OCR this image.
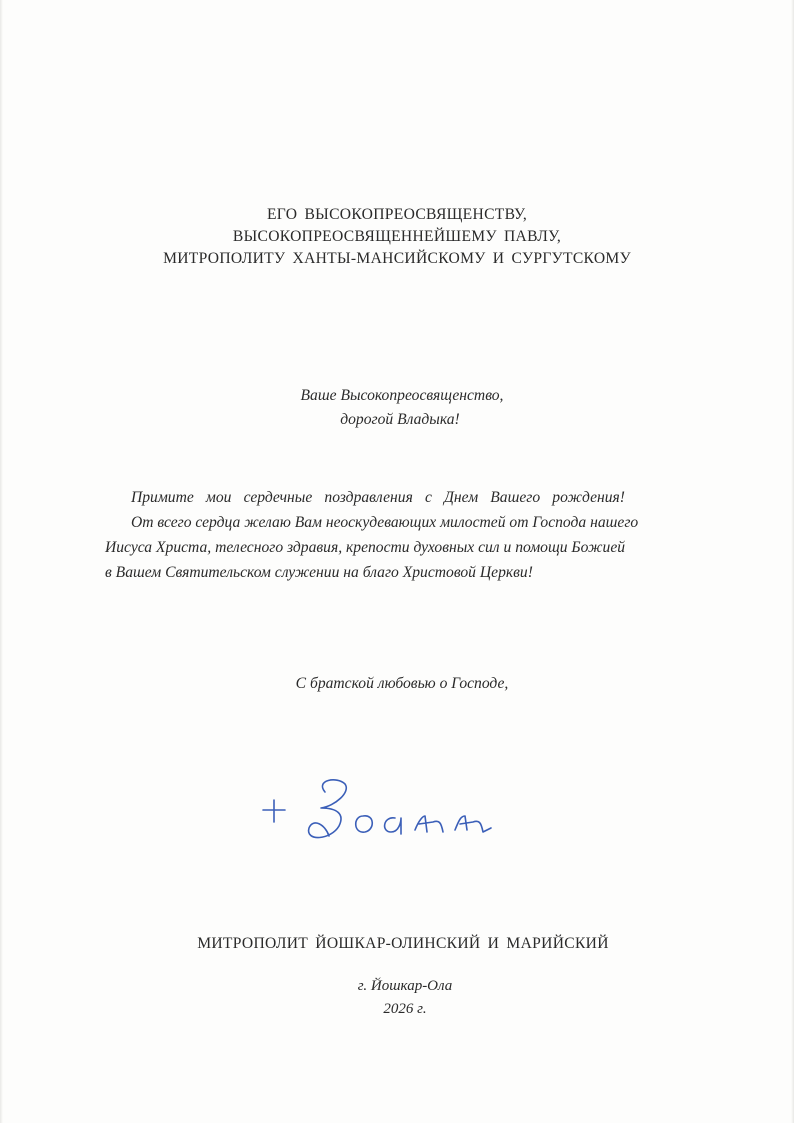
ЕГО ВЫСОКОПРЕОСВЯЩЕНСТВУ,
ВЫСОКОПРЕОСВЯЩЕННЕЙШЕМУ ПАВЛУ,
МИТРОПОЛИТУ ХАНТЫ-МАНСИЙСКОМУ И СУРГУТСКОМУ
Ваше Высокопреосвященство,
дорогой Владыка!
Примите мои сердечные поздравления с Днем Вашего рождения!
От всего сердца желаю Вам неоскудевающих милостей от Господа нашего
Иисуса Христа, телесного здравия, крепости духовных сил и помощи Божией
в Вашем Святительском служении на благо Христовой Церкви!
С братской любовью о Господе,
МИТРОПОЛИТ ЙОШКАР-ОЛИНСКИЙ И МАРИЙСКИЙ
г. Йошкар-Ола
2026 г.
